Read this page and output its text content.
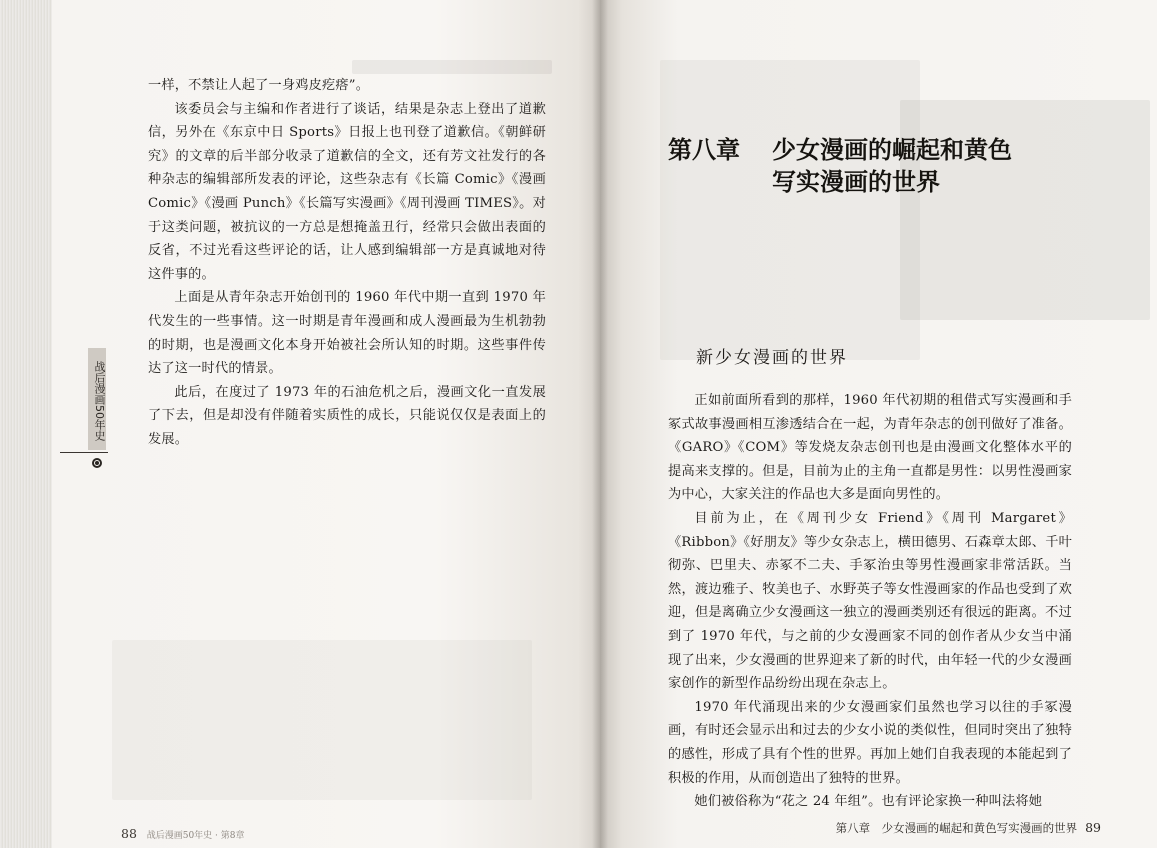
一样，不禁让人起了一身鸡皮疙瘩”。

该委员会与主编和作者进行了谈话，结果是杂志上登出了道歉信，另外在《东京中日 Sports》日报上也刊登了道歉信。《朝鲜研究》的文章的后半部分收录了道歉信的全文，还有芳文社发行的各种杂志的编辑部所发表的评论，这些杂志有《长篇 Comic》《漫画 Comic》《漫画 Punch》《长篇写实漫画》《周刊漫画 TIMES》。对于这类问题，被抗议的一方总是想掩盖丑行，经常只会做出表面的反省，不过光看这些评论的话，让人感到编辑部一方是真诚地对待这件事的。

上面是从青年杂志开始创刊的 1960 年代中期一直到 1970 年代发生的一些事情。这一时期是青年漫画和成人漫画最为生机勃勃的时期，也是漫画文化本身开始被社会所认知的时期。这些事件传达了这一时代的情景。

此后，在度过了 1973 年的石油危机之后，漫画文化一直发展了下去，但是却没有伴随着实质性的成长，只能说仅仅是表面上的发展。

战后漫画50年史
88 战后漫画50年史 · 第8章
第八章 少女漫画的崛起和黄色
写实漫画的世界
新少女漫画的世界

正如前面所看到的那样，1960 年代初期的租借式写实漫画和手冢式故事漫画相互渗透结合在一起，为青年杂志的创刊做好了准备。《GARO》《COM》等发烧友杂志创刊也是由漫画文化整体水平的提高来支撑的。但是，目前为止的主角一直都是男性：以男性漫画家为中心，大家关注的作品也大多是面向男性的。

目前为止，在《周刊少女 Friend》《周刊 Margaret》《Ribbon》《好朋友》等少女杂志上，横田德男、石森章太郎、千叶彻弥、巴里夫、赤冢不二夫、手冢治虫等男性漫画家非常活跃。当然，渡边雅子、牧美也子、水野英子等女性漫画家的作品也受到了欢迎，但是离确立少女漫画这一独立的漫画类别还有很远的距离。不过到了 1970 年代，与之前的少女漫画家不同的创作者从少女当中涌现了出来，少女漫画的世界迎来了新的时代，由年轻一代的少女漫画家创作的新型作品纷纷出现在杂志上。

1970 年代涌现出来的少女漫画家们虽然也学习以往的手冢漫画，有时还会显示出和过去的少女小说的类似性，但同时突出了独特的感性，形成了具有个性的世界。再加上她们自我表现的本能起到了积极的作用，从而创造出了独特的世界。

她们被俗称为“花之 24 年组”。也有评论家换一种叫法将她

第八章　少女漫画的崛起和黄色写实漫画的世界 89
